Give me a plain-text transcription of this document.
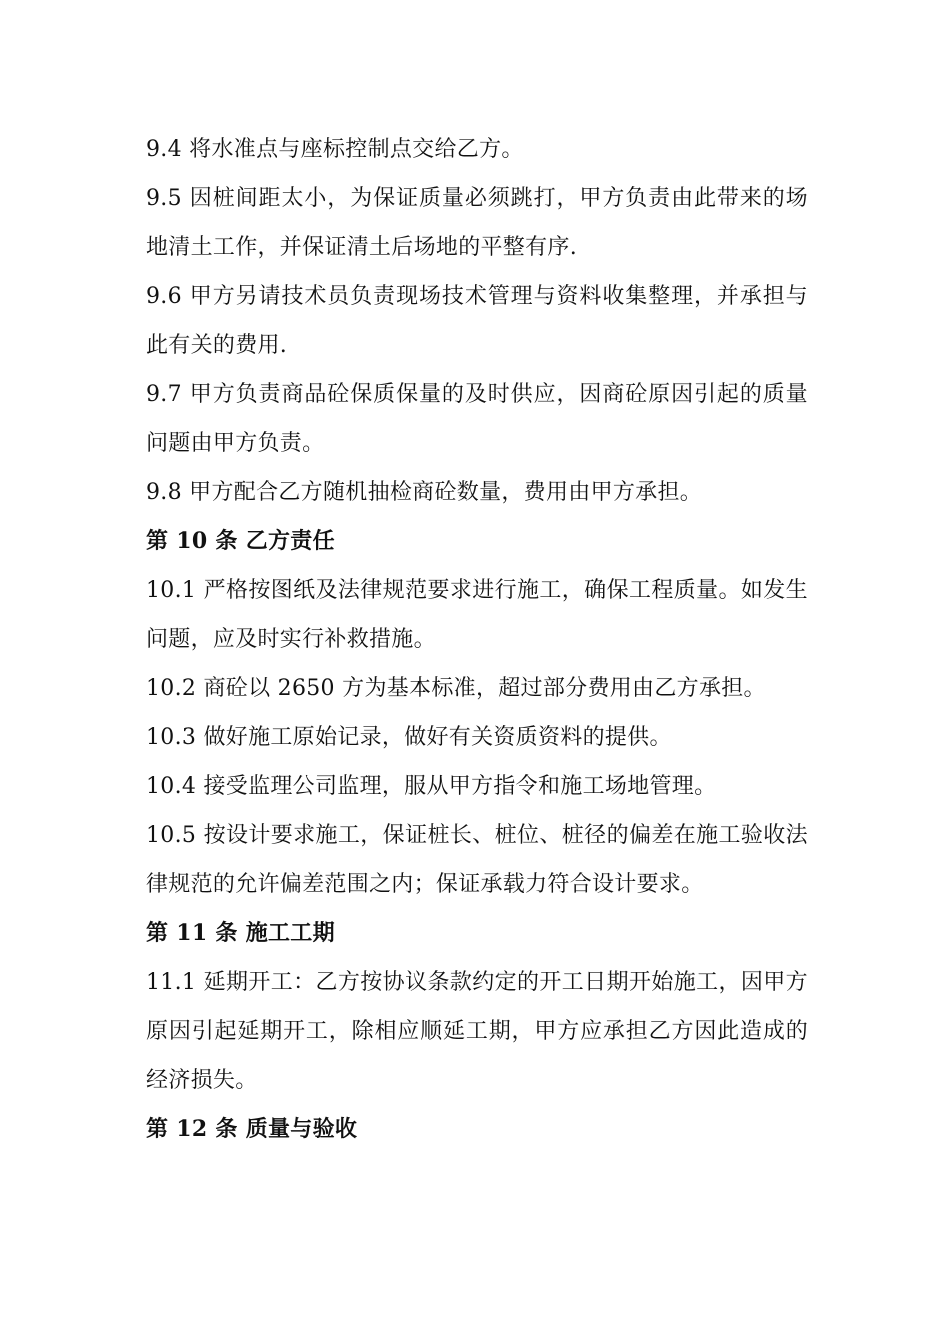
9.4 将水准点与座标控制点交给乙方。

9.5 因桩间距太小，为保证质量必须跳打，甲方负责由此带来的场地清土工作，并保证清土后场地的平整有序.

9.6 甲方另请技术员负责现场技术管理与资料收集整理，并承担与此有关的费用.

9.7 甲方负责商品砼保质保量的及时供应，因商砼原因引起的质量问题由甲方负责。

9.8 甲方配合乙方随机抽检商砼数量，费用由甲方承担。

第 10 条 乙方责任

10.1 严格按图纸及法律规范要求进行施工，确保工程质量。如发生问题，应及时实行补救措施。

10.2 商砼以 2650 方为基本标准，超过部分费用由乙方承担。

10.3 做好施工原始记录，做好有关资质资料的提供。

10.4 接受监理公司监理，服从甲方指令和施工场地管理。

10.5 按设计要求施工，保证桩长、桩位、桩径的偏差在施工验收法律规范的允许偏差范围之内；保证承载力符合设计要求。

第 11 条 施工工期

11.1 延期开工：乙方按协议条款约定的开工日期开始施工，因甲方原因引起延期开工，除相应顺延工期，甲方应承担乙方因此造成的经济损失。

第 12 条 质量与验收
